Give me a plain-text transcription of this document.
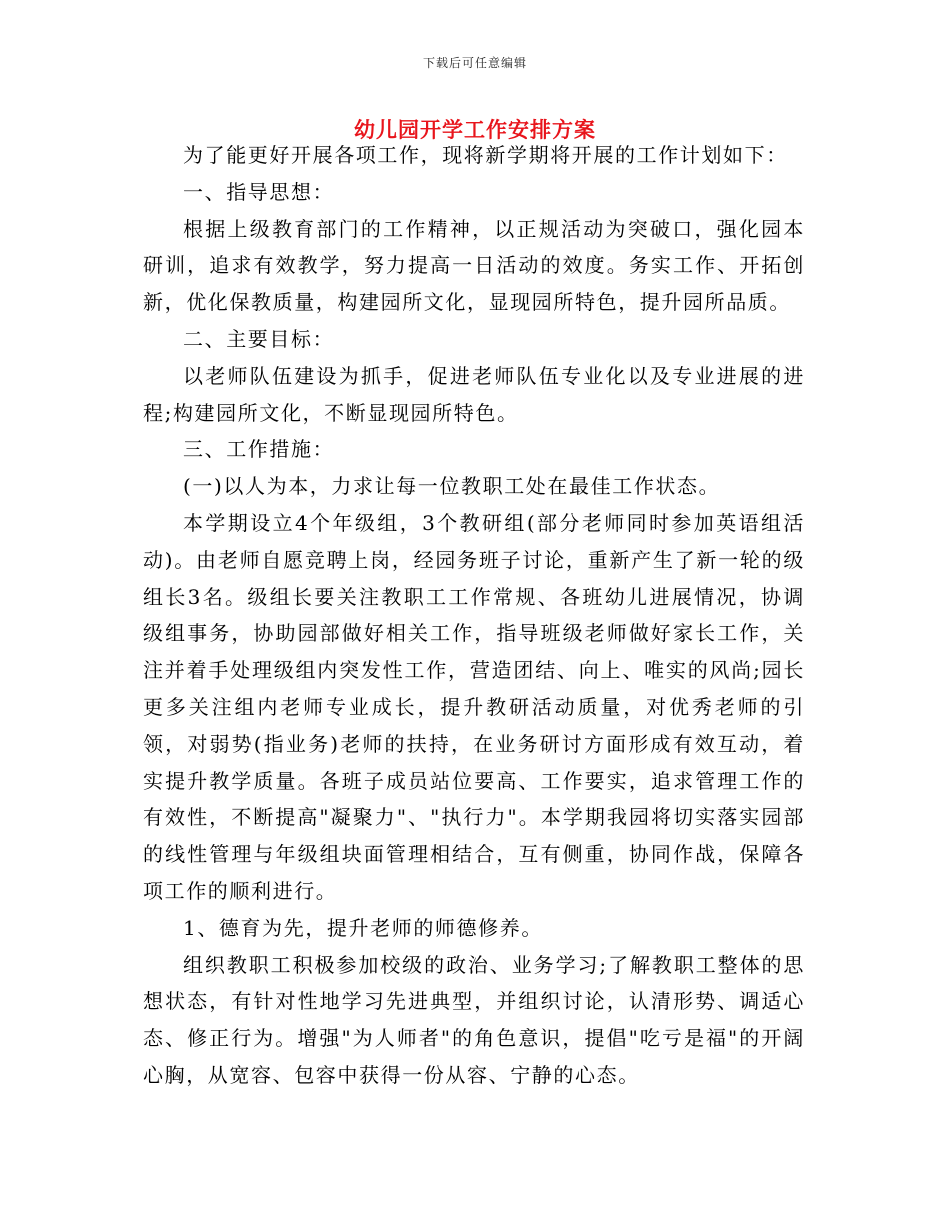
下载后可任意编辑
幼儿园开学工作安排方案

为了能更好开展各项工作，现将新学期将开展的工作计划如下：

一、指导思想：

根据上级教育部门的工作精神，以正规活动为突破口，强化园本研训，追求有效教学，努力提高一日活动的效度。务实工作、开拓创新，优化保教质量，构建园所文化，显现园所特色，提升园所品质。

二、主要目标：

以老师队伍建设为抓手，促进老师队伍专业化以及专业进展的进程;构建园所文化，不断显现园所特色。

三、工作措施：

(一)以人为本，力求让每一位教职工处在最佳工作状态。

本学期设立4个年级组，3个教研组(部分老师同时参加英语组活动)。由老师自愿竞聘上岗，经园务班子讨论，重新产生了新一轮的级组长3名。级组长要关注教职工工作常规、各班幼儿进展情况，协调级组事务，协助园部做好相关工作，指导班级老师做好家长工作，关注并着手处理级组内突发性工作，营造团结、向上、唯实的风尚;园长更多关注组内老师专业成长，提升教研活动质量，对优秀老师的引领，对弱势(指业务)老师的扶持，在业务研讨方面形成有效互动，着实提升教学质量。各班子成员站位要高、工作要实，追求管理工作的有效性，不断提高"凝聚力"、"执行力"。本学期我园将切实落实园部的线性管理与年级组块面管理相结合，互有侧重，协同作战，保障各项工作的顺利进行。

1、德育为先，提升老师的师德修养。

组织教职工积极参加校级的政治、业务学习;了解教职工整体的思想状态，有针对性地学习先进典型，并组织讨论，认清形势、调适心态、修正行为。增强"为人师者"的角色意识，提倡"吃亏是福"的开阔心胸，从宽容、包容中获得一份从容、宁静的心态。
